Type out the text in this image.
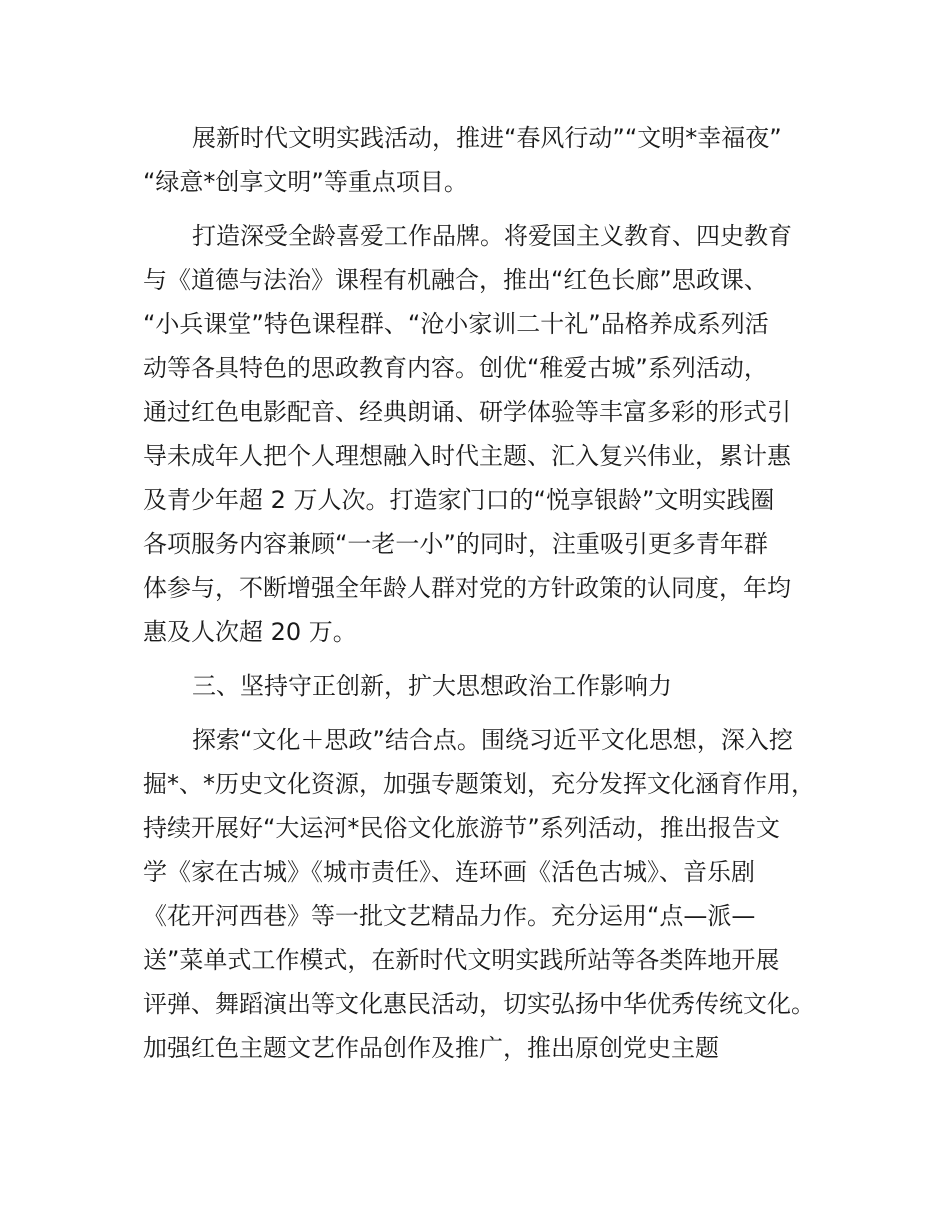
展新时代文明实践活动，推进“春风行动”“文明*幸福夜”
“绿意*创享文明”等重点项目。
打造深受全龄喜爱工作品牌。将爱国主义教育、四史教育
与《道德与法治》课程有机融合，推出“红色长廊”思政课、
“小兵课堂”特色课程群、“沧小家训二十礼”品格养成系列活
动等各具特色的思政教育内容。创优“稚爱古城”系列活动，
通过红色电影配音、经典朗诵、研学体验等丰富多彩的形式引
导未成年人把个人理想融入时代主题、汇入复兴伟业，累计惠
及青少年超 2 万人次。打造家门口的“悦享银龄”文明实践圈
各项服务内容兼顾“一老一小”的同时，注重吸引更多青年群
体参与，不断增强全年龄人群对党的方针政策的认同度，年均
惠及人次超 20 万。
三、坚持守正创新，扩大思想政治工作影响力
探索“文化＋思政”结合点。围绕习近平文化思想，深入挖
掘*、*历史文化资源，加强专题策划，充分发挥文化涵育作用，
持续开展好“大运河*民俗文化旅游节”系列活动，推出报告文
学《家在古城》《城市责任》、连环画《活色古城》、音乐剧
《花开河西巷》等一批文艺精品力作。充分运用“点—派—
送”菜单式工作模式，在新时代文明实践所站等各类阵地开展
评弹、舞蹈演出等文化惠民活动，切实弘扬中华优秀传统文化。
加强红色主题文艺作品创作及推广，推出原创党史主题
